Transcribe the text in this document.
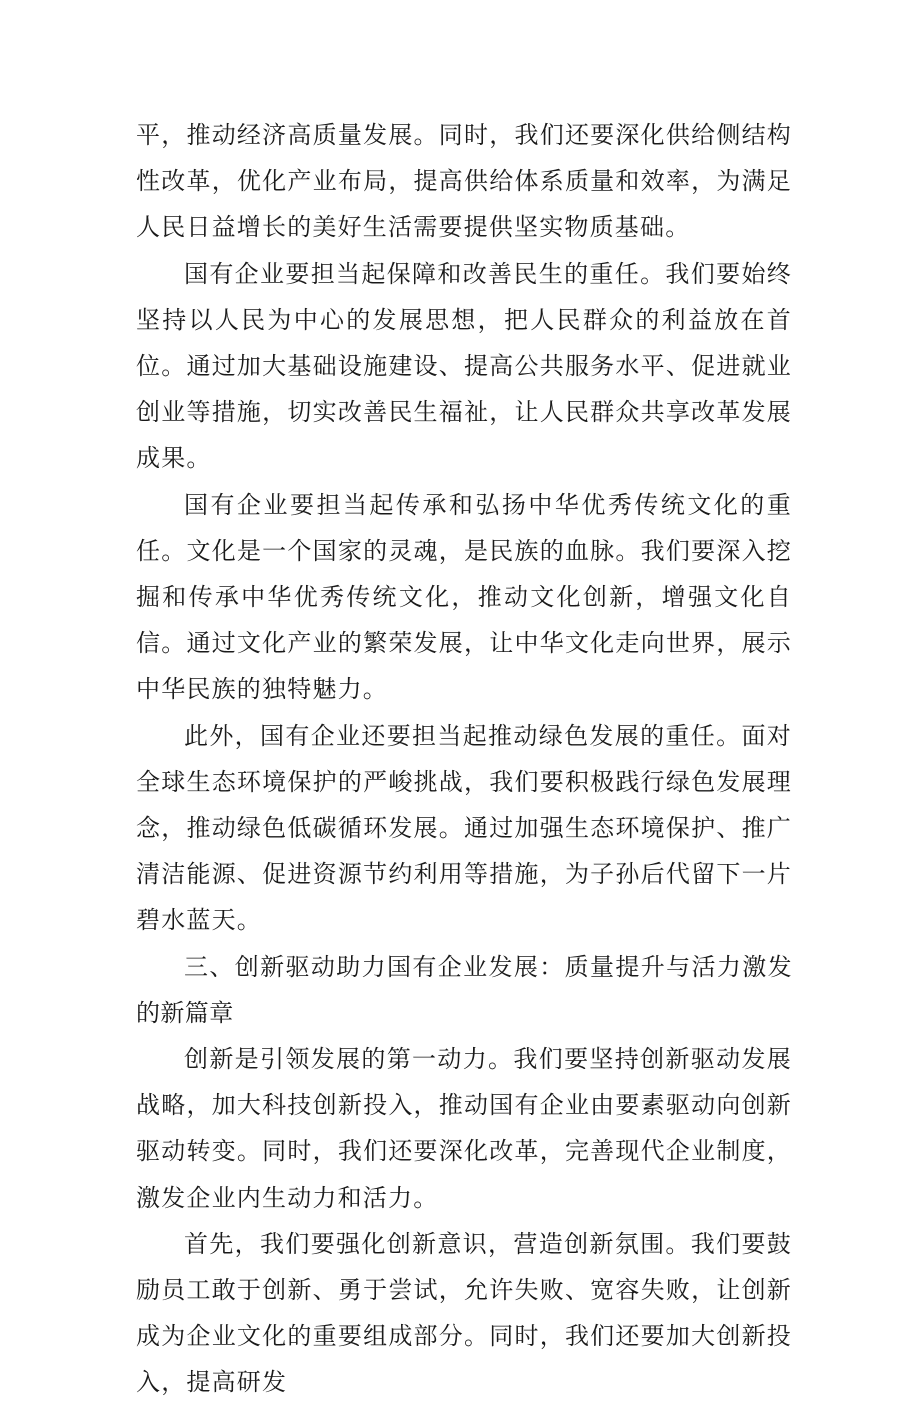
平，推动经济高质量发展。同时，我们还要深化供给侧结构性改革，优化产业布局，提高供给体系质量和效率，为满足人民日益增长的美好生活需要提供坚实物质基础。

国有企业要担当起保障和改善民生的重任。我们要始终坚持以人民为中心的发展思想，把人民群众的利益放在首位。通过加大基础设施建设、提高公共服务水平、促进就业创业等措施，切实改善民生福祉，让人民群众共享改革发展成果。

国有企业要担当起传承和弘扬中华优秀传统文化的重任。文化是一个国家的灵魂，是民族的血脉。我们要深入挖掘和传承中华优秀传统文化，推动文化创新，增强文化自信。通过文化产业的繁荣发展，让中华文化走向世界，展示中华民族的独特魅力。

此外，国有企业还要担当起推动绿色发展的重任。面对全球生态环境保护的严峻挑战，我们要积极践行绿色发展理念，推动绿色低碳循环发展。通过加强生态环境保护、推广清洁能源、促进资源节约利用等措施，为子孙后代留下一片碧水蓝天。

三、创新驱动助力国有企业发展：质量提升与活力激发的新篇章

创新是引领发展的第一动力。我们要坚持创新驱动发展战略，加大科技创新投入，推动国有企业由要素驱动向创新驱动转变。同时，我们还要深化改革，完善现代企业制度，激发企业内生动力和活力。

首先，我们要强化创新意识，营造创新氛围。我们要鼓励员工敢于创新、勇于尝试，允许失败、宽容失败，让创新成为企业文化的重要组成部分。同时，我们还要加大创新投入，提高研发
